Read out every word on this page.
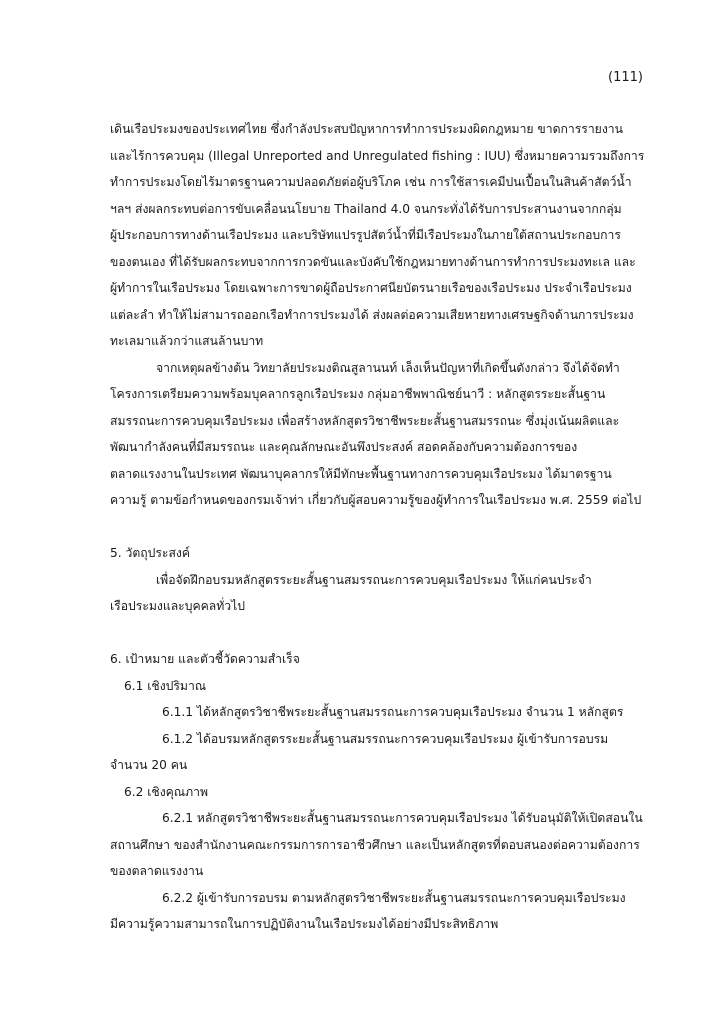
(111)
เดินเรือประมงของประเทศไทย ซึ่งกำลังประสบปัญหาการทำการประมงผิดกฎหมาย ขาดการรายงาน
และไร้การควบคุม (Illegal Unreported and Unregulated fishing : IUU) ซึ่งหมายความรวมถึงการ
ทำการประมงโดยไร้มาตรฐานความปลอดภัยต่อผู้บริโภค เช่น การใช้สารเคมีปนเปื้อนในสินค้าสัตว์น้ำ
ฯลฯ ส่งผลกระทบต่อการขับเคลื่อนนโยบาย Thailand 4.0 จนกระทั่งได้รับการประสานงานจากกลุ่ม
ผู้ประกอบการทางด้านเรือประมง และบริษัทแปรรูปสัตว์น้ำที่มีเรือประมงในภายใต้สถานประกอบการ
ของตนเอง ที่ได้รับผลกระทบจากการกวดขันและบังคับใช้กฎหมายทางด้านการทำการประมงทะเล และ
ผู้ทำการในเรือประมง โดยเฉพาะการขาดผู้ถือประกาศนียบัตรนายเรือของเรือประมง ประจำเรือประมง
แต่ละลำ ทำให้ไม่สามารถออกเรือทำการประมงได้ ส่งผลต่อความเสียหายทางเศรษฐกิจด้านการประมง
ทะเลมาแล้วกว่าแสนล้านบาท
จากเหตุผลข้างต้น วิทยาลัยประมงติณสูลานนท์ เล็งเห็นปัญหาที่เกิดขึ้นดังกล่าว จึงได้จัดทำ
โครงการเตรียมความพร้อมบุคลากรลูกเรือประมง กลุ่มอาชีพพาณิชย์นาวี : หลักสูตรระยะสั้นฐาน
สมรรถนะการควบคุมเรือประมง เพื่อสร้างหลักสูตรวิชาชีพระยะสั้นฐานสมรรถนะ ซึ่งมุ่งเน้นผลิตและ
พัฒนากำลังคนที่มีสมรรถนะ และคุณลักษณะอันพึงประสงค์ สอดคล้องกับความต้องการของ
ตลาดแรงงานในประเทศ พัฒนาบุคลากรให้มีทักษะพื้นฐานทางการควบคุมเรือประมง ได้มาตรฐาน
ความรู้ ตามข้อกำหนดของกรมเจ้าท่า เกี่ยวกับผู้สอบความรู้ของผู้ทำการในเรือประมง พ.ศ. 2559 ต่อไป
5. วัตถุประสงค์
เพื่อจัดฝึกอบรมหลักสูตรระยะสั้นฐานสมรรถนะการควบคุมเรือประมง ให้แก่คนประจำ
เรือประมงและบุคคลทั่วไป
6. เป้าหมาย และตัวชี้วัดความสำเร็จ
6.1 เชิงปริมาณ
6.1.1 ได้หลักสูตรวิชาชีพระยะสั้นฐานสมรรถนะการควบคุมเรือประมง จำนวน 1 หลักสูตร
6.1.2 ได้อบรมหลักสูตรระยะสั้นฐานสมรรถนะการควบคุมเรือประมง ผู้เข้ารับการอบรม
จำนวน 20 คน
6.2 เชิงคุณภาพ
6.2.1 หลักสูตรวิชาชีพระยะสั้นฐานสมรรถนะการควบคุมเรือประมง ได้รับอนุมัติให้เปิดสอนใน
สถานศึกษา ของสำนักงานคณะกรรมการการอาชีวศึกษา และเป็นหลักสูตรที่ตอบสนองต่อความต้องการ
ของตลาดแรงงาน
6.2.2 ผู้เข้ารับการอบรม ตามหลักสูตรวิชาชีพระยะสั้นฐานสมรรถนะการควบคุมเรือประมง
มีความรู้ความสามารถในการปฏิบัติงานในเรือประมงได้อย่างมีประสิทธิภาพ
